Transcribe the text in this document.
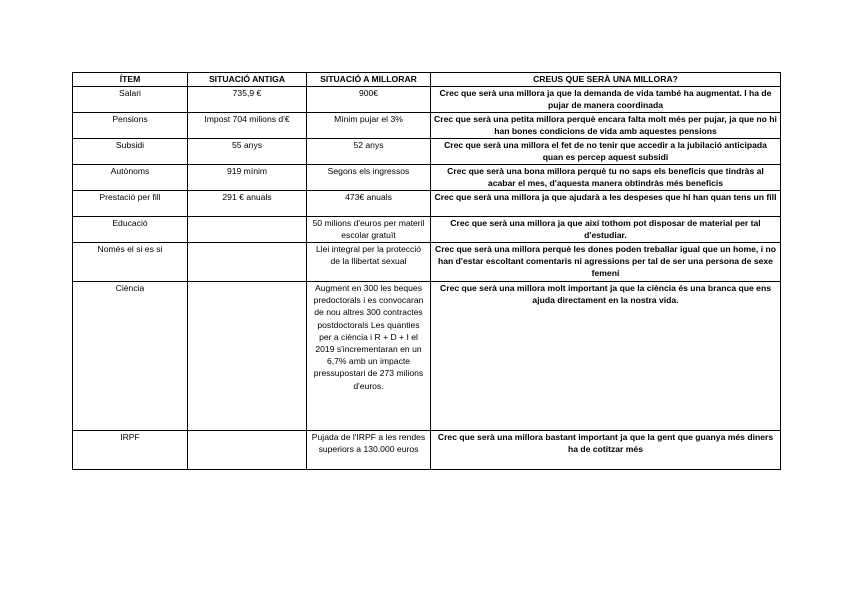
ÍTEM	SITUACIÓ ANTIGA	SITUACIÓ A MILLORAR	CREUS QUE SERÀ UNA MILLORA?
Salari	735,9 €	900€	Crec que serà una millora ja que la demanda de vida també ha augmentat. I ha de pujar de manera coordinada
Pensions	Impost 704 milions d'€	Mínim pujar el 3%	Crec que serà una petita millora perquè encara falta molt més per pujar, ja que no hi han bones condicions de vida amb aquestes pensions
Subsidi	55 anys	52 anys	Crec que serà una millora el fet de no tenir que accedir a la jubilació anticipada quan es percep aquest subsidi
Autònoms	919 mínim	Segons els ingressos	Crec que serà una bona millora perquè tu no saps els beneficis que tindràs al acabar el mes, d'aquesta manera obtindràs més beneficis
Prestació per fill	291 € anuals	473€ anuals	Crec que serà una millora ja que ajudarà a les despeses que hi han quan tens un fill
Educació		50 milions d'euros per materil escolar gratuït	Crec que serà una millora ja que així tothom pot disposar de material per tal d'estudiar.
Només el si es si		Llei integral per la protecció de la llibertat sexual	Crec que serà una millora perquè les dones poden treballar igual que un home, i no han d'estar escoltant comentaris ni agressions per tal de ser una persona de sexe femení
Ciència		Augment en 300 les beques predoctorals i es convocaran de nou altres 300 contractes postdoctorals Les quanties per a ciència i R + D + I el 2019 s'incrementaran en un 6,7% amb un impacte pressupostari de 273 milions d'euros.	Crec que serà una millora molt important ja que la ciència és una branca que ens ajuda directament en la nostra vida.
IRPF		Pujada de l'IRPF a les rendes superiors a 130.000 euros	Crec que serà una millora bastant important ja que la gent que guanya més diners ha de cotitzar més
